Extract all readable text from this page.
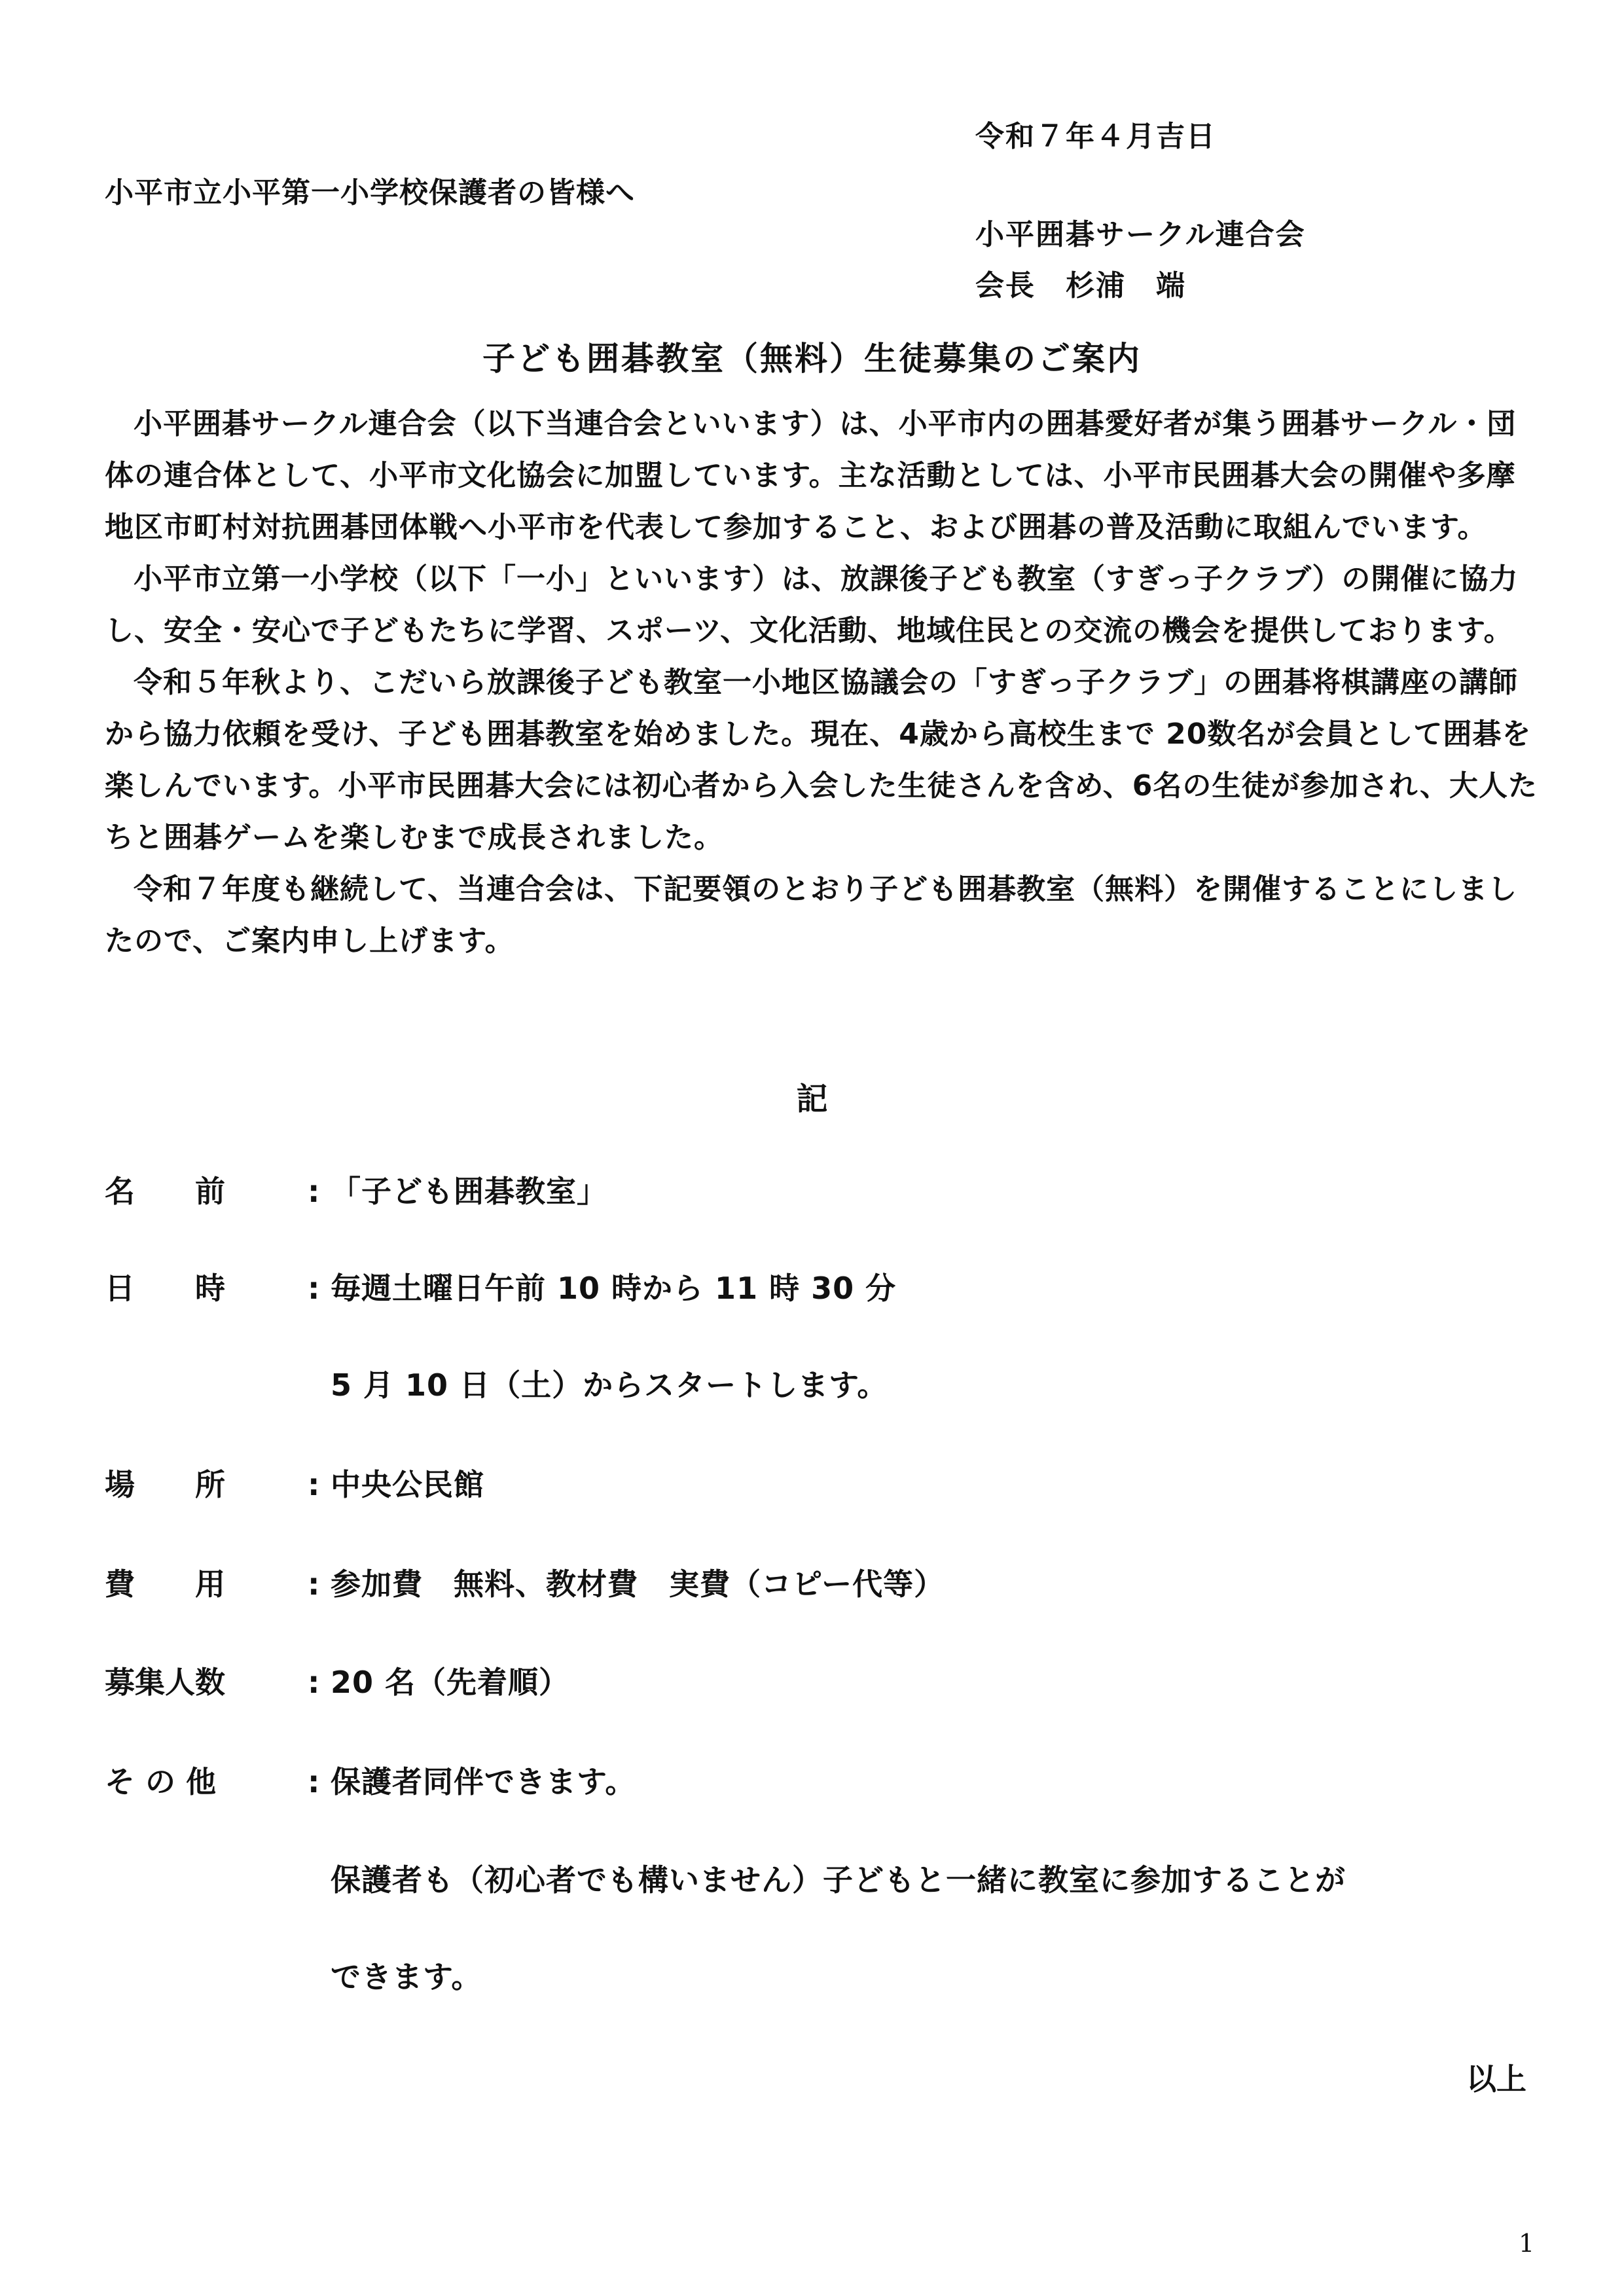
令和７年４月吉日
小平市立小平第一小学校保護者の皆様へ
小平囲碁サークル連合会
会長　杉浦　端
子ども囲碁教室（無料）生徒募集のご案内

小平囲碁サークル連合会（以下当連合会といいます）は、小平市内の囲碁愛好者が集う囲碁サークル・団体の連合体として、小平市文化協会に加盟しています。主な活動としては、小平市民囲碁大会の開催や多摩地区市町村対抗囲碁団体戦へ小平市を代表して参加すること、および囲碁の普及活動に取組んでいます。

小平市立第一小学校（以下「一小」といいます）は、放課後子ども教室（すぎっ子クラブ）の開催に協力し、安全・安心で子どもたちに学習、スポーツ、文化活動、地域住民との交流の機会を提供しております。

令和５年秋より、こだいら放課後子ども教室一小地区協議会の「すぎっ子クラブ」の囲碁将棋講座の講師から協力依頼を受け、子ども囲碁教室を始めました。現在、4歳から高校生まで 20数名が会員として囲碁を楽しんでいます。小平市民囲碁大会には初心者から入会した生徒さんを含め、6名の生徒が参加され、大人たちと囲碁ゲームを楽しむまで成長されました。

令和７年度も継続して、当連合会は、下記要領のとおり子ども囲碁教室（無料）を開催することにしましたので、ご案内申し上げます。

記
名　　前	: 「子ども囲碁教室」
日　　時	: 毎週土曜日午前 10 時から 11 時 30 分
5 月 10 日（土）からスタートします。
場　　所	: 中央公民館
費　　用	: 参加費　無料、教材費　実費（コピー代等）
募集人数	: 20 名（先着順）
そ の 他	: 保護者同伴できます。
保護者も（初心者でも構いません）子どもと一緒に教室に参加することが
できます。
以上
1
